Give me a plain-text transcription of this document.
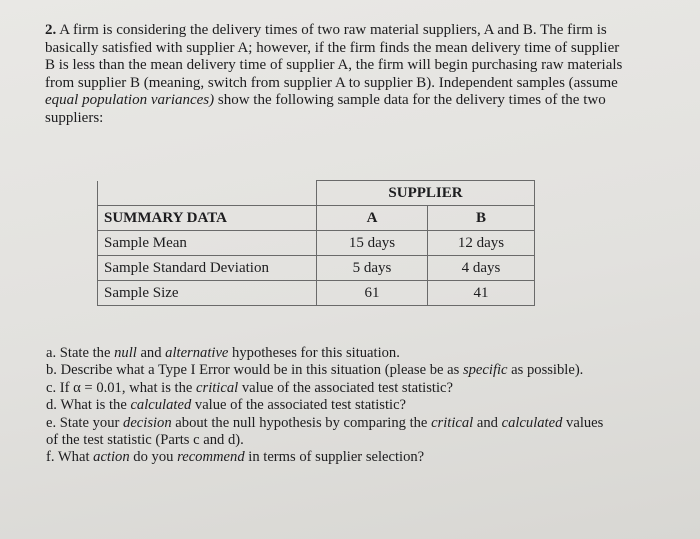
2. A firm is considering the delivery times of two raw material suppliers, A and B. The firm is
basically satisfied with supplier A; however, if the firm finds the mean delivery time of supplier
B is less than the mean delivery time of supplier A, the firm will begin purchasing raw materials
from supplier B (meaning, switch from supplier A to supplier B). Independent samples (assume
equal population variances) show the following sample data for the delivery times of the two
suppliers:
	SUPPLIER	
SUMMARY DATA	A	B
Sample Mean	15 days	12 days
Sample Standard Deviation	5 days	4 days
Sample Size	61	41
a. State the null and alternative hypotheses for this situation.
b. Describe what a Type I Error would be in this situation (please be as specific as possible).
c. If α = 0.01, what is the critical value of the associated test statistic?
d. What is the calculated value of the associated test statistic?
e. State your decision about the null hypothesis by comparing the critical and calculated values
of the test statistic (Parts c and d).
f. What action do you recommend in terms of supplier selection?
